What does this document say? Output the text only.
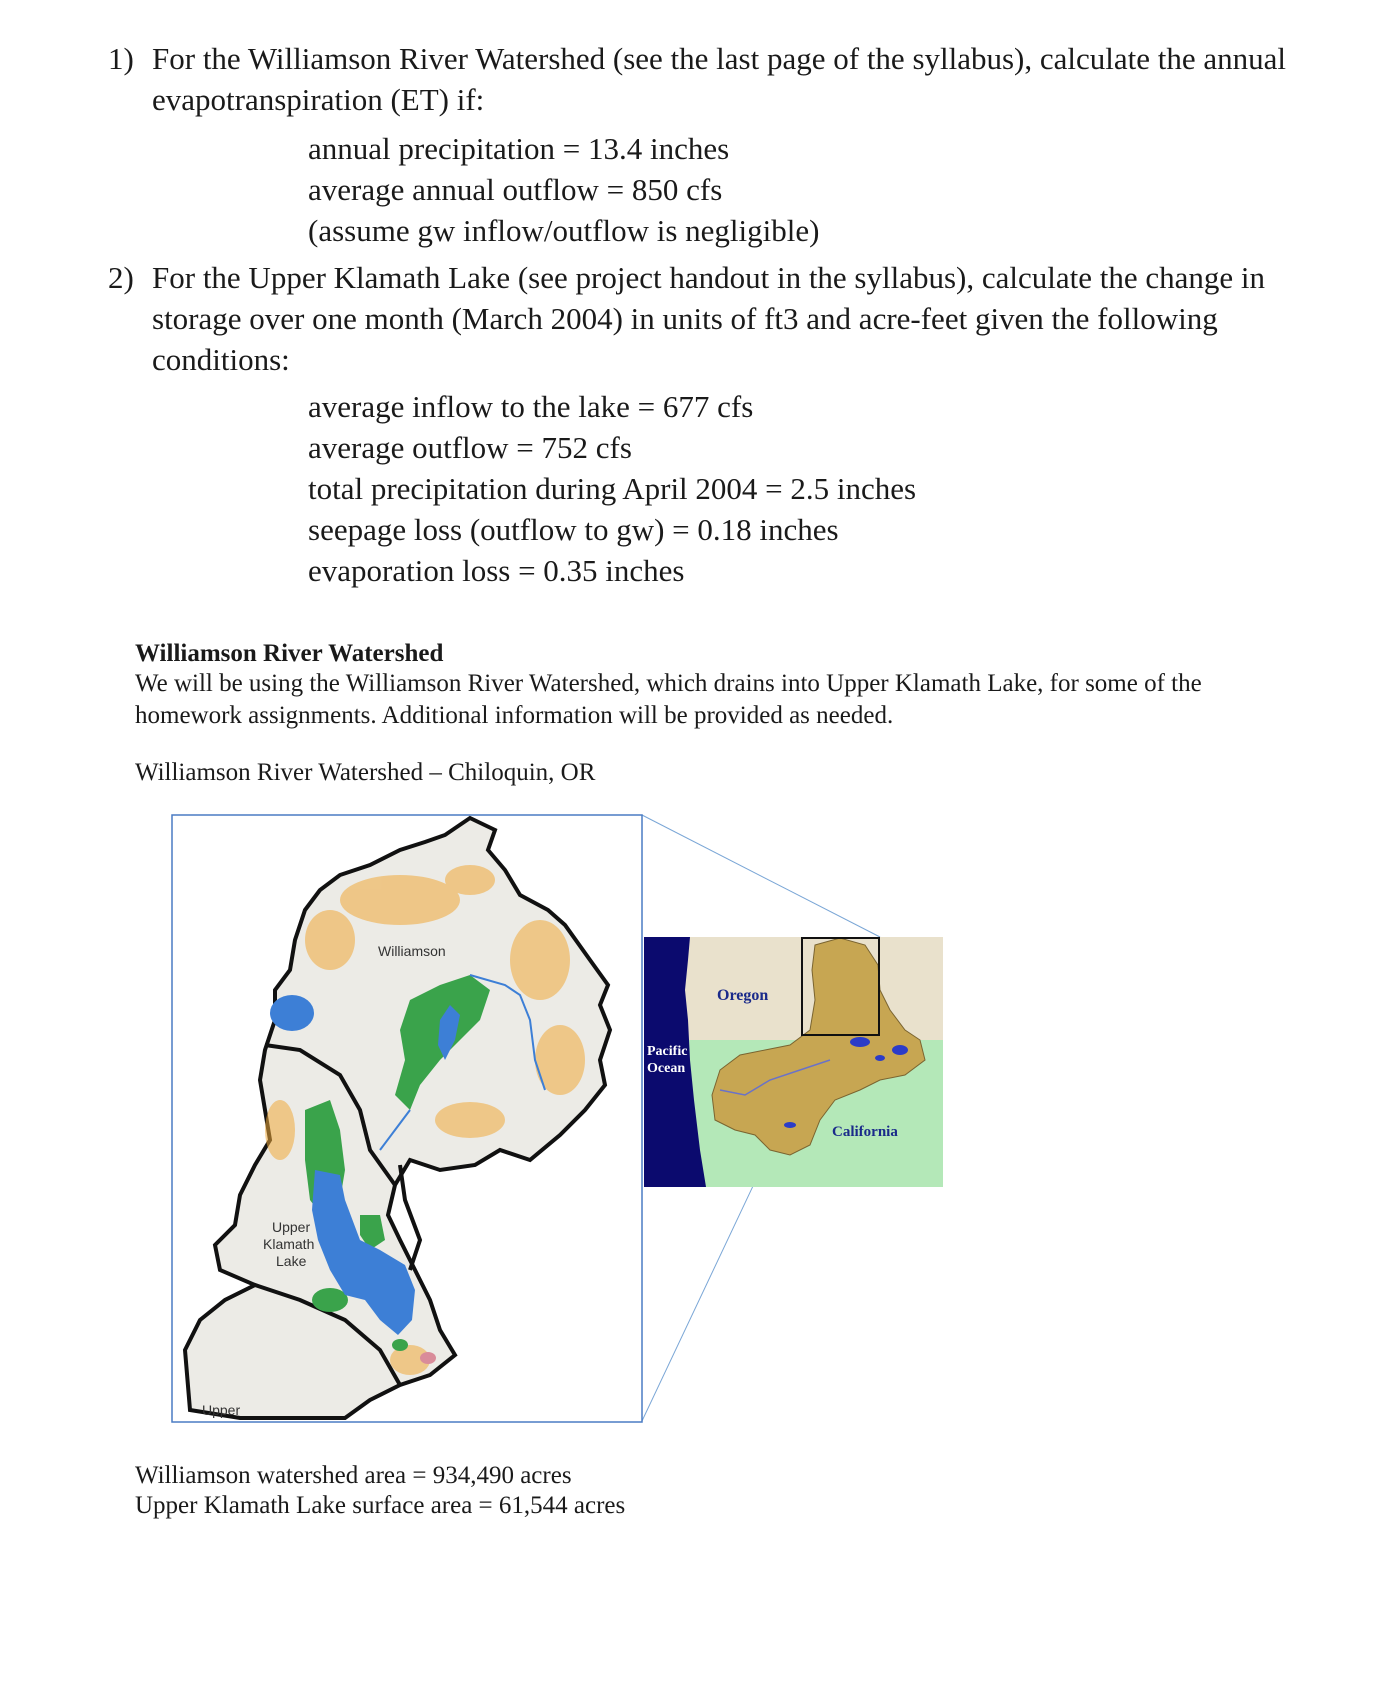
1) For the Williamson River Watershed (see the last page of the syllabus), calculate the annual evapotranspiration (ET) if:
annual precipitation = 13.4 inches
average annual outflow = 850 cfs
(assume gw inflow/outflow is negligible)
2) For the Upper Klamath Lake (see project handout in the syllabus), calculate the change in storage over one month (March 2004) in units of ft3 and acre-feet given the following conditions:
average inflow to the lake = 677 cfs
average outflow = 752 cfs
total precipitation during April 2004 = 2.5 inches
seepage loss (outflow to gw) = 0.18 inches
evaporation loss = 0.35 inches
Williamson River Watershed
We will be using the Williamson River Watershed, which drains into Upper Klamath Lake, for some of the homework assignments. Additional information will be provided as needed.
Williamson River Watershed – Chiloquin, OR
Williamson
Upper
Klamath
Lake
Upper
Oregon
Pacific
Ocean
California
Williamson watershed area = 934,490 acres
Upper Klamath Lake surface area = 61,544 acres
